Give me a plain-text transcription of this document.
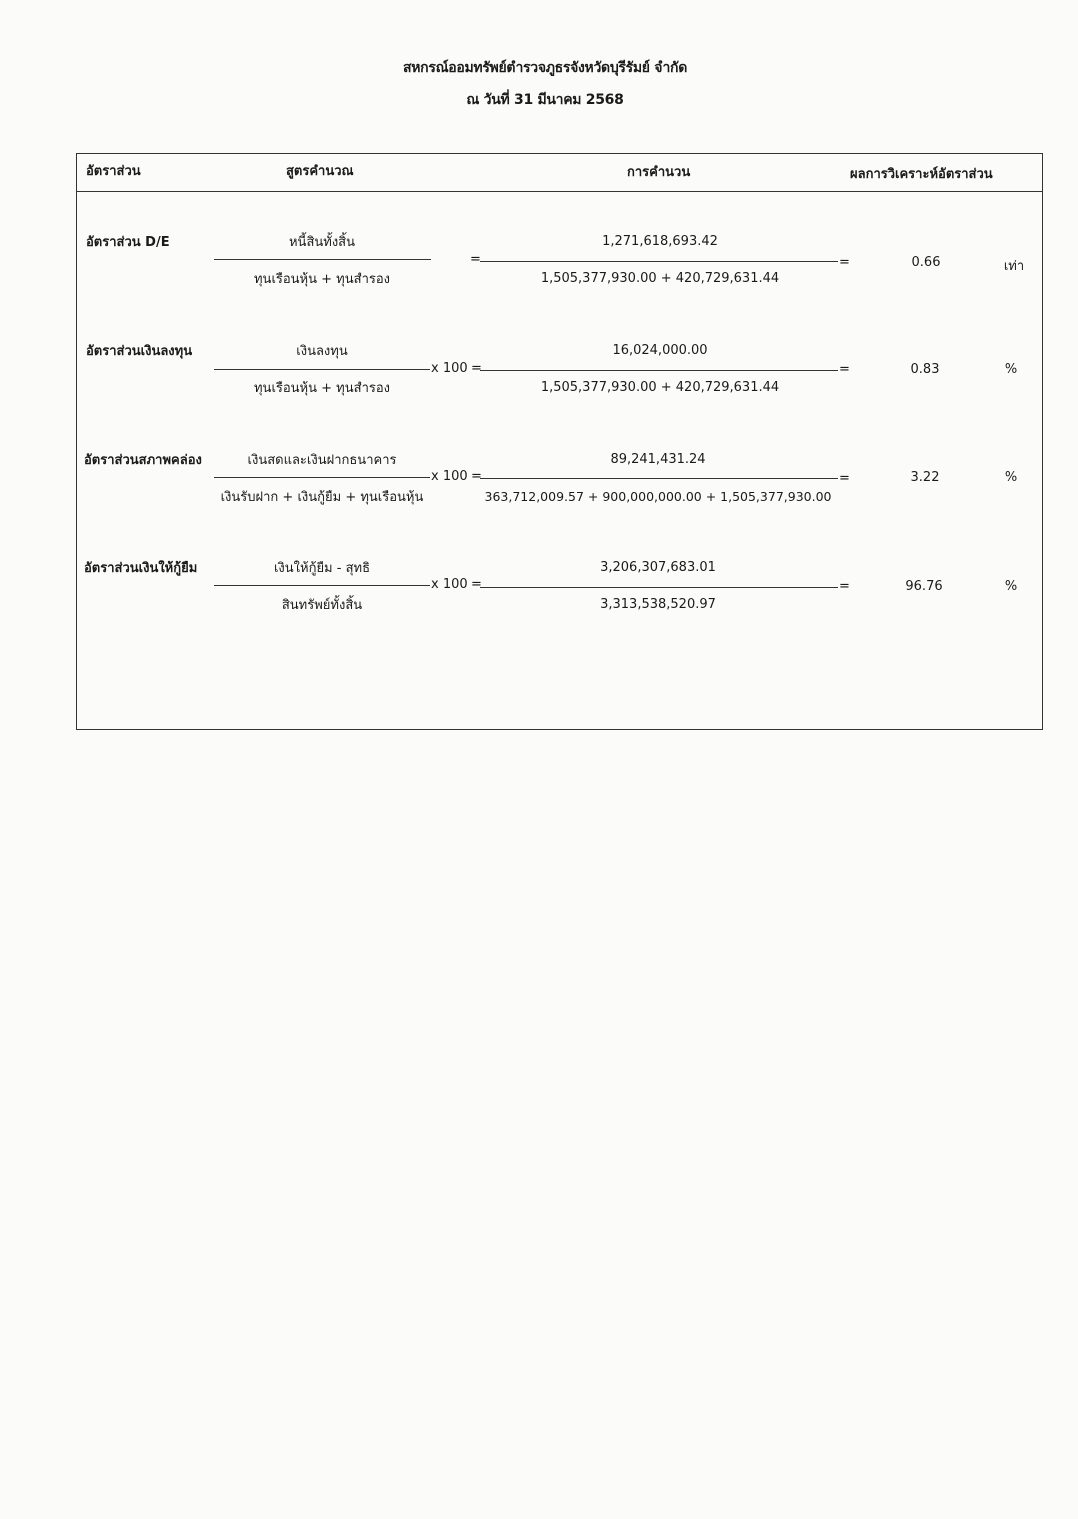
สหกรณ์ออมทรัพย์ตำรวจภูธรจังหวัดบุรีรัมย์ จำกัด
ณ วันที่ 31 มีนาคม 2568
อัตราส่วน	สูตรคำนวณ	การคำนวน	ผลการวิเคราะห์อัตราส่วน
อัตราส่วน D/E	หนี้สินทั้งสิ้น
ทุนเรือนหุ้น + ทุนสำรอง
=
1,271,618,693.42
1,505,377,930.00 + 420,729,631.44
=	0.66	เท่า
อัตราส่วนเงินลงทุน	เงินลงทุน
ทุนเรือนหุ้น + ทุนสำรอง
x 100 =
16,024,000.00
1,505,377,930.00 + 420,729,631.44
=	0.83	%
อัตราส่วนสภาพคล่อง	เงินสดและเงินฝากธนาคาร
เงินรับฝาก + เงินกู้ยืม + ทุนเรือนหุ้น
x 100 =
89,241,431.24
363,712,009.57 + 900,000,000.00 + 1,505,377,930.00
=	3.22	%
อัตราส่วนเงินให้กู้ยืม	เงินให้กู้ยืม - สุทธิ
สินทรัพย์ทั้งสิ้น
x 100 =
3,206,307,683.01
3,313,538,520.97
=	96.76	%
